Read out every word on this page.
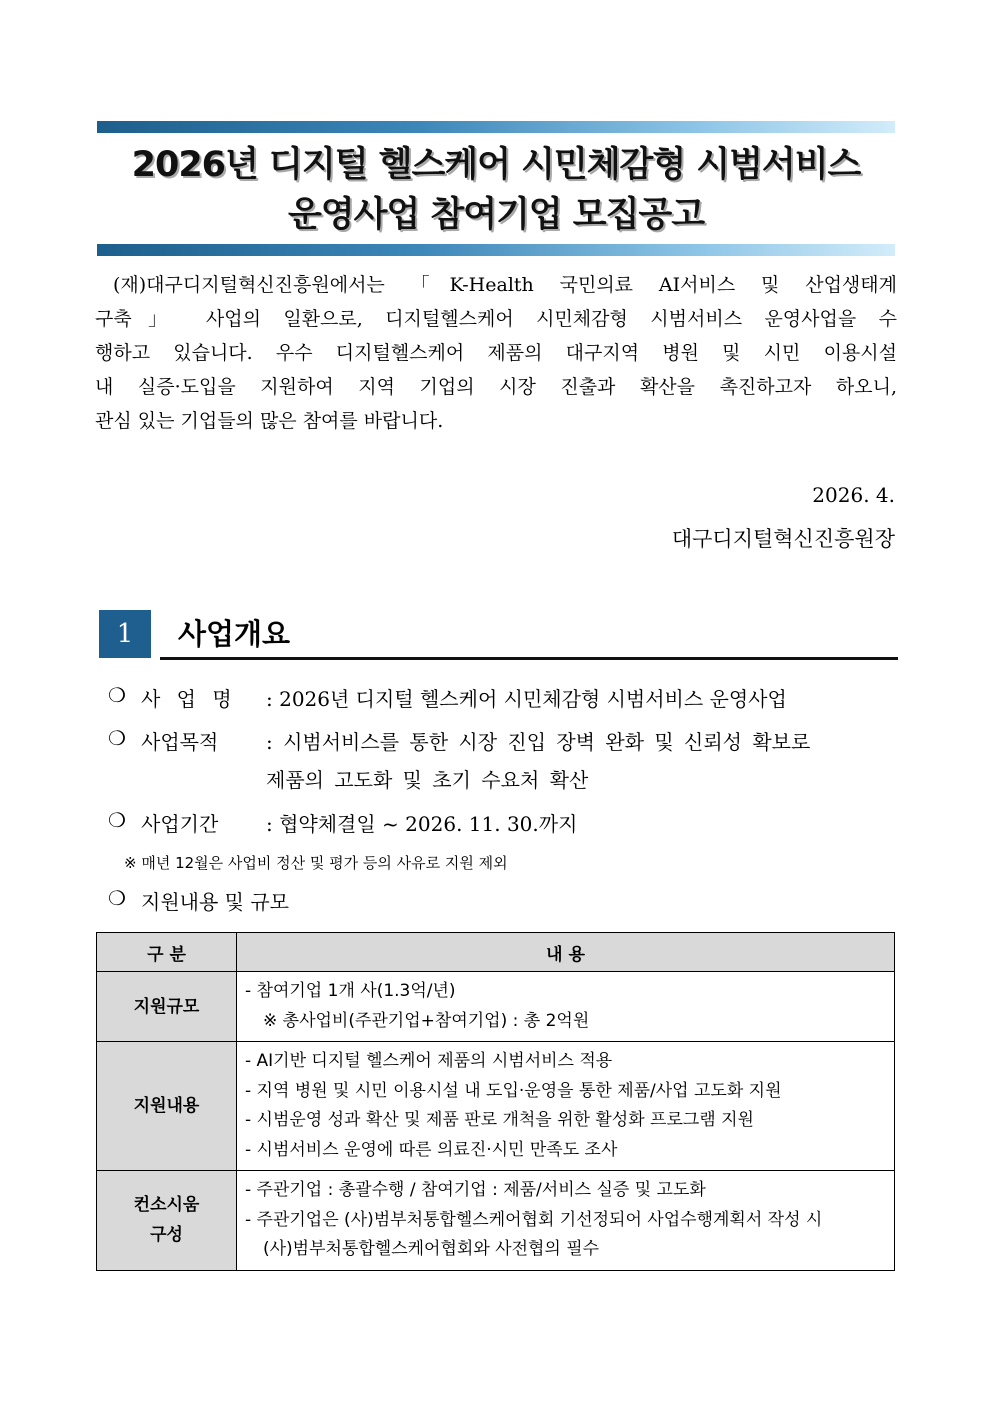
2026년 디지털 헬스케어 시민체감형 시범서비스
운영사업 참여기업 모집공고
(재)대구디지털혁신진흥원에서는 「K-Health 국민의료 AI서비스 및 산업생태계
구축」 사업의 일환으로, 디지털헬스케어 시민체감형 시범서비스 운영사업을 수
행하고 있습니다. 우수 디지털헬스케어 제품의 대구지역 병원 및 시민 이용시설
내 실증·도입을 지원하여 지역 기업의 시장 진출과 확산을 촉진하고자 하오니,
관심 있는 기업들의 많은 참여를 바랍니다.
2026. 4.
대구디지털혁신진흥원장
1	사업개요
❍ 사 업 명 : 2026년 디지털 헬스케어 시민체감형 시범서비스 운영사업
❍ 사업목적 : 시범서비스를 통한 시장 진입 장벽 완화 및 신뢰성 확보로
제품의 고도화 및 초기 수요처 확산
❍ 사업기간 : 협약체결일 ~ 2026. 11. 30.까지
※ 매년 12월은 사업비 정산 및 평가 등의 사유로 지원 제외
❍ 지원내용 및 규모
구 분	내 용
지원규모	- 참여기업 1개 사(1.3억/년)
※ 총사업비(주관기업+참여기업) : 총 2억원

지원내용	- AI기반 디지털 헬스케어 제품의 시범서비스 적용
- 지역 병원 및 시민 이용시설 내 도입·운영을 통한 제품/사업 고도화 지원
- 시범운영 성과 확산 및 제품 판로 개척을 위한 활성화 프로그램 지원
- 시범서비스 운영에 따른 의료진·시민 만족도 조사

컨소시움
구성	- 주관기업 : 총괄수행 / 참여기업 : 제품/서비스 실증 및 고도화
- 주관기업은 (사)범부처통합헬스케어협회 기선정되어 사업수행계획서 작성 시
(사)범부처통합헬스케어협회와 사전협의 필수
